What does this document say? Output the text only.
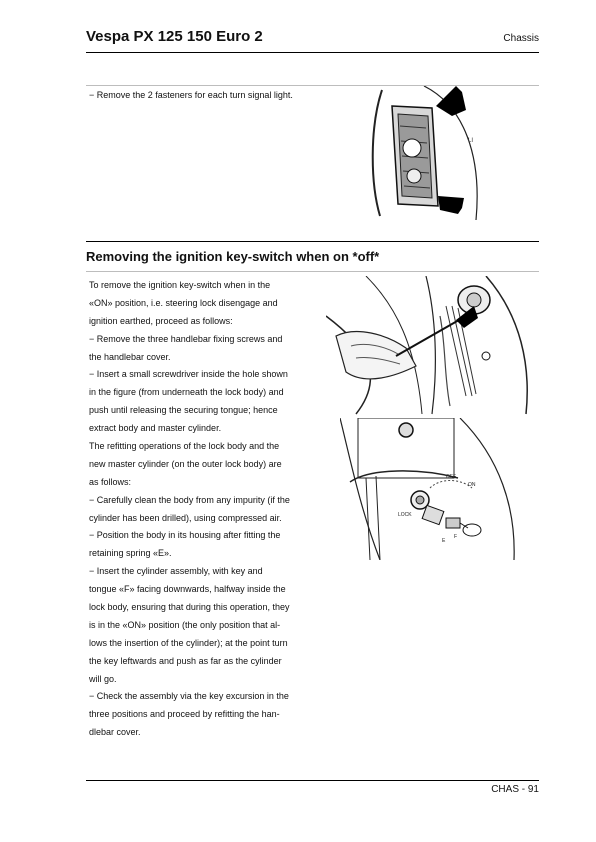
Vespa PX 125 150 Euro 2	Chassis
− Remove the 2 fasteners for each turn signal light.
LI
Removing the ignition key-switch when on *off*
To remove the ignition key-switch when in the
«ON» position, i.e. steering lock disengage and
ignition earthed, proceed as follows:
− Remove the three handlebar fixing screws and
the handlebar cover.
− Insert a small screwdriver inside the hole shown
in the figure (from underneath the lock body) and
push until releasing the securing tongue; hence
extract body and master cylinder.
The refitting operations of the lock body and the
new master cylinder (on the outer lock body) are
as follows:
− Carefully clean the body from any impurity (if the
cylinder has been drilled), using compressed air.
− Position the body in its housing after fitting the
retaining spring «E».
− Insert the cylinder assembly, with key and
tongue «F» facing downwards, halfway inside the
lock body, ensuring that during this operation, they
is in the «ON» position (the only position that al-
lows the insertion of the cylinder); at the point turn
the key leftwards and push as far as the cylinder
will go.
− Check the assembly via the key excursion in the
three positions and proceed by refitting the han-
dlebar cover.
OFF
ON
LOCK
E
F
CHAS - 91
